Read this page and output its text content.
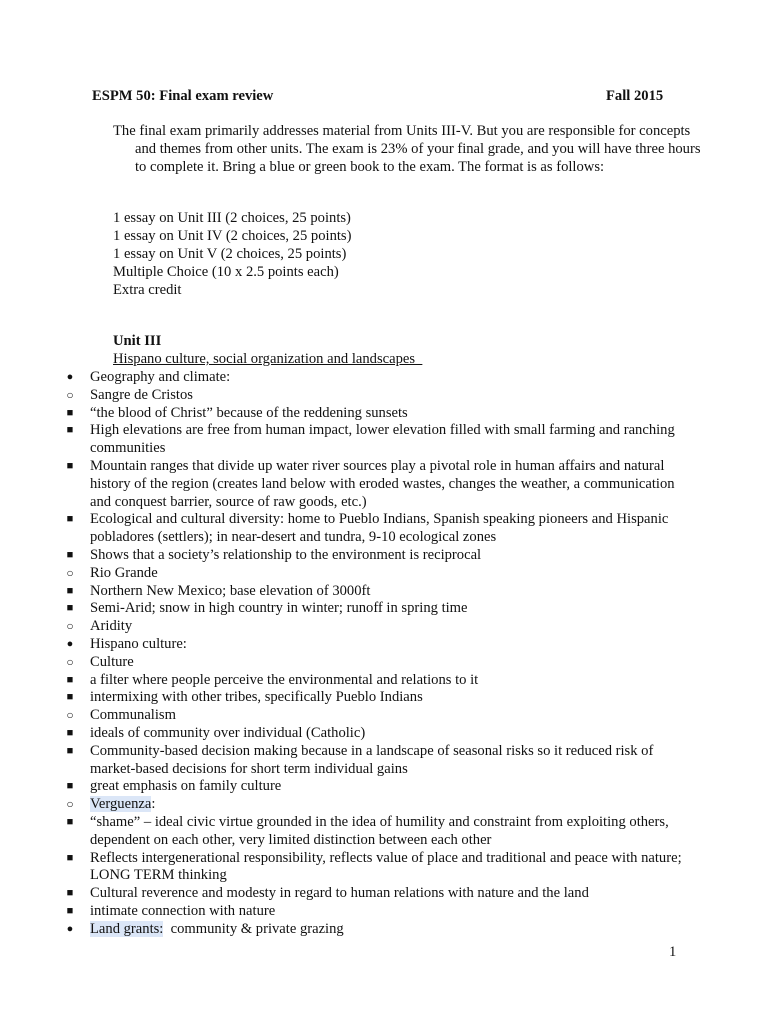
ESPM 50: Final exam review	Fall 2015
The final exam primarily addresses material from Units III-V. But you are responsible for concepts and themes from other units. The exam is 23% of your final grade, and you will have three hours to complete it. Bring a blue or green book to the exam. The format is as follows:
1 essay on Unit III (2 choices, 25 points)
1 essay on Unit IV (2 choices, 25 points)
1 essay on Unit V (2 choices, 25 points)
Multiple Choice (10 x 2.5 points each)
Extra credit
Unit III
Hispano culture, social organization and landscapes
●	Geography and climate:
○ Sangre de Cristos
■	“the blood of Christ” because of the reddening sunsets
■	High elevations are free from human impact, lower elevation filled with small farming and ranching communities
■	Mountain ranges that divide up water river sources play a pivotal role in human affairs and natural history of the region (creates land below with eroded wastes, changes the weather, a communication and conquest barrier, source of raw goods, etc.)
■	Ecological and cultural diversity: home to Pueblo Indians, Spanish speaking pioneers and Hispanic pobladores (settlers); in near-desert and tundra, 9-10 ecological zones
■	Shows that a society’s relationship to the environment is reciprocal
○ Rio Grande
■	Northern New Mexico; base elevation of 3000ft
■	Semi-Arid; snow in high country in winter; runoff in spring time
○ Aridity
●	Hispano culture:
○ Culture
■	a filter where people perceive the environmental and relations to it
■	intermixing with other tribes, specifically Pueblo Indians
○ Communalism
■	ideals of community over individual (Catholic)
■	Community-based decision making because in a landscape of seasonal risks so it reduced risk of market-based decisions for short term individual gains
■	great emphasis on family culture
○ Verguenza:
■	“shame” – ideal civic virtue grounded in the idea of humility and constraint from exploiting others, dependent on each other, very limited distinction between each other
■	Reflects intergenerational responsibility, reflects value of place and traditional and peace with nature; LONG TERM thinking
■	Cultural reverence and modesty in regard to human relations with nature and the land
■	intimate connection with nature
●	Land grants:  community & private grazing
1
